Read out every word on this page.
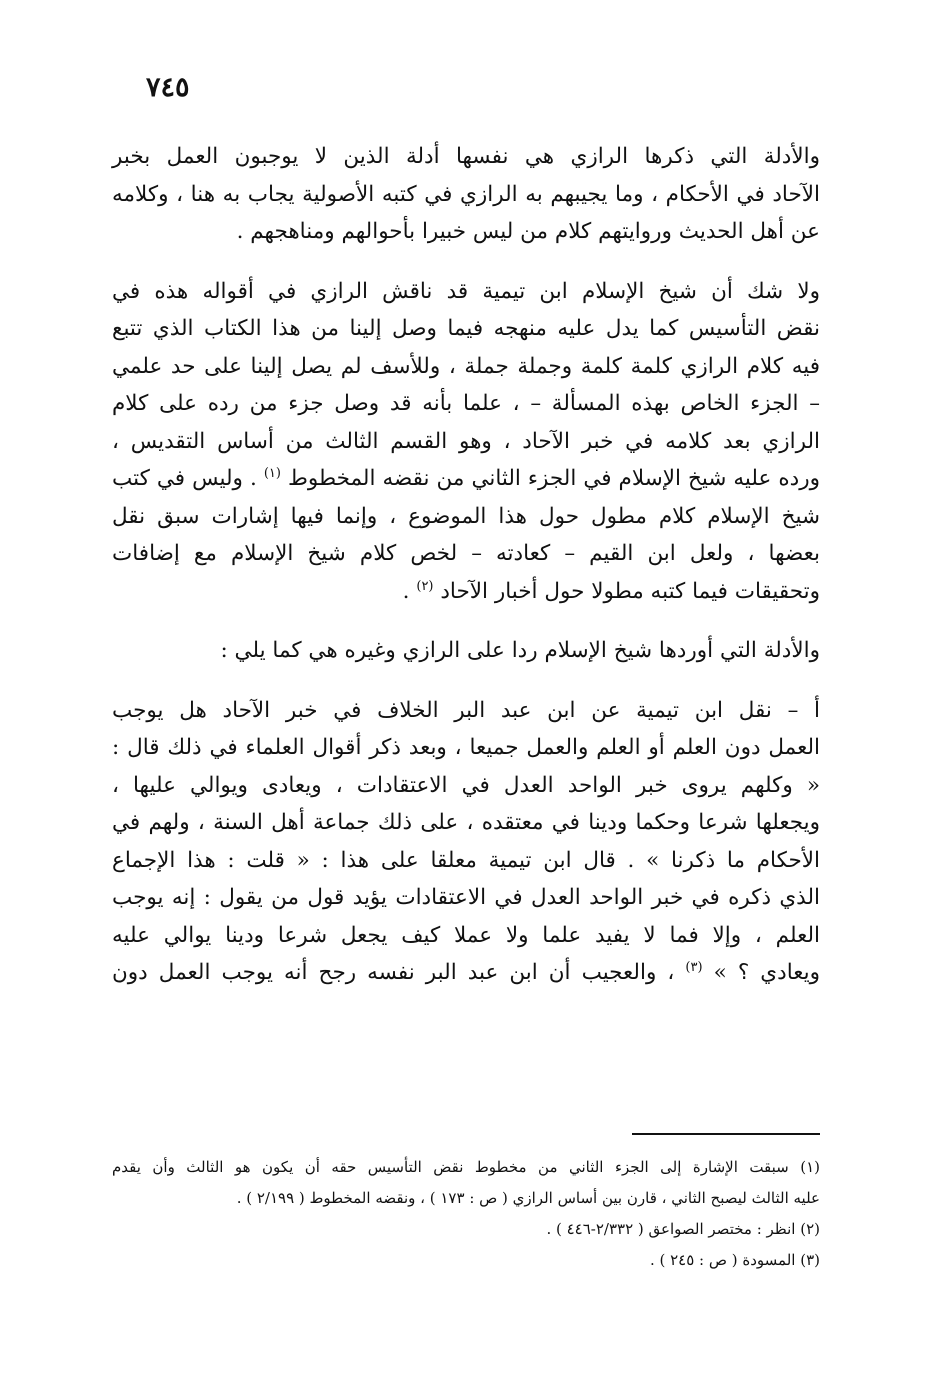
٧٤٥
والأدلة التي ذكرها الرازي هي نفسها أدلة الذين لا يوجبون العمل بخبر
الآحاد في الأحكام ، وما يجيبهم به الرازي في كتبه الأصولية يجاب به هنا ، وكلامه
عن أهل الحديث وروايتهم كلام من ليس خبيرا بأحوالهم ومناهجهم .
ولا شك أن شيخ الإسلام ابن تيمية قد ناقش الرازي في أقواله هذه في
نقض التأسيس كما يدل عليه منهجه فيما وصل إلينا من هذا الكتاب الذي تتبع
فيه كلام الرازي كلمة كلمة وجملة جملة ، وللأسف لم يصل إلينا على حد علمي
– الجزء الخاص بهذه المسألة – ، علما بأنه قد وصل جزء من رده على كلام
الرازي بعد كلامه في خبر الآحاد ، وهو القسم الثالث من أساس التقديس ،
ورده عليه شيخ الإسلام في الجزء الثاني من نقضه المخطوط $^{(١)}$ . وليس في كتب
شيخ الإسلام كلام مطول حول هذا الموضوع ، وإنما فيها إشارات سبق نقل
بعضها ، ولعل ابن القيم – كعادته – لخص كلام شيخ الإسلام مع إضافات
وتحقيقات فيما كتبه مطولا حول أخبار الآحاد $^{(٢)}$ .
والأدلة التي أوردها شيخ الإسلام ردا على الرازي وغيره هي كما يلي :
أ – نقل ابن تيمية عن ابن عبد البر الخلاف في خبر الآحاد هل يوجب
العمل دون العلم أو العلم والعمل جميعا ، وبعد ذكر أقوال العلماء في ذلك قال :
« وكلهم يروى خبر الواحد العدل في الاعتقادات ، ويعادى ويوالي عليها ،
ويجعلها شرعا وحكما ودينا في معتقده ، على ذلك جماعة أهل السنة ، ولهم في
الأحكام ما ذكرنا » . قال ابن تيمية معلقا على هذا : « قلت : هذا الإجماع
الذي ذكره في خبر الواحد العدل في الاعتقادات يؤيد قول من يقول : إنه يوجب
العلم ، وإلا فما لا يفيد علما ولا عملا كيف يجعل شرعا ودينا يوالي عليه
ويعادي ؟ » $^{(٣)}$ ، والعجيب أن ابن عبد البر نفسه رجح أنه يوجب العمل دون
(١) سبقت الإشارة إلى الجزء الثاني من مخطوط نقض التأسيس حقه أن يكون هو الثالث وأن يقدم
عليه الثالث ليصبح الثاني ، قارن بين أساس الرازي ( ص : ١٧٣ ) ، ونقضه المخطوط ( ٢/١٩٩ ) .
(٢) انظر : مختصر الصواعق ( ٢/٣٣٢-٤٤٦ ) .
(٣) المسودة ( ص : ٢٤٥ ) .
